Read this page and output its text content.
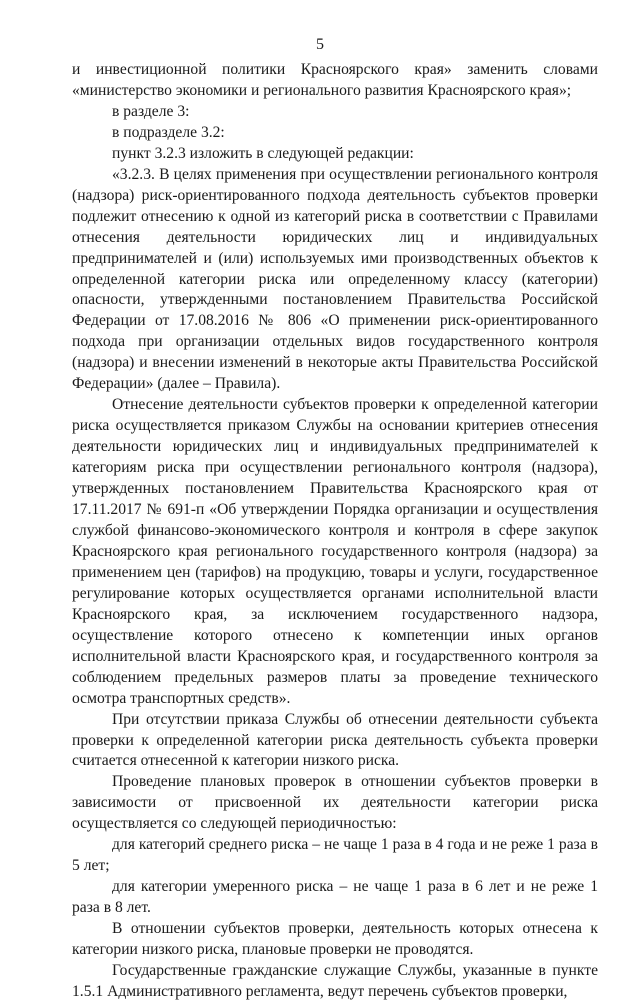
5

и инвестиционной политики Красноярского края» заменить словами «министерство экономики и регионального развития Красноярского края»;

в разделе 3:

в подразделе 3.2:

пункт 3.2.3 изложить в следующей редакции:

«3.2.3. В целях применения при осуществлении регионального контроля (надзора) риск-ориентированного подхода деятельность субъектов проверки подлежит отнесению к одной из категорий риска в соответствии с Правилами отнесения деятельности юридических лиц и индивидуальных предпринимателей и (или) используемых ими производственных объектов к определенной категории риска или определенному классу (категории) опасности, утвержденными постановлением Правительства Российской Федерации от 17.08.2016 № 806 «О применении риск-ориентированного подхода при организации отдельных видов государственного контроля (надзора) и внесении изменений в некоторые акты Правительства Российской Федерации» (далее – Правила).

Отнесение деятельности субъектов проверки к определенной категории риска осуществляется приказом Службы на основании критериев отнесения деятельности юридических лиц и индивидуальных предпринимателей к категориям риска при осуществлении регионального контроля (надзора), утвержденных постановлением Правительства Красноярского края от 17.11.2017 № 691-п «Об утверждении Порядка организации и осуществления службой финансово-экономического контроля и контроля в сфере закупок Красноярского края регионального государственного контроля (надзора) за применением цен (тарифов) на продукцию, товары и услуги, государственное регулирование которых осуществляется органами исполнительной власти Красноярского края, за исключением государственного надзора, осуществление которого отнесено к компетенции иных органов исполнительной власти Красноярского края, и государственного контроля за соблюдением предельных размеров платы за проведение технического осмотра транспортных средств».

При отсутствии приказа Службы об отнесении деятельности субъекта проверки к определенной категории риска деятельность субъекта проверки считается отнесенной к категории низкого риска.

Проведение плановых проверок в отношении субъектов проверки в зависимости от присвоенной их деятельности категории риска осуществляется со следующей периодичностью:

для категорий среднего риска – не чаще 1 раза в 4 года и не реже 1 раза в 5 лет;

для категории умеренного риска – не чаще 1 раза в 6 лет и не реже 1 раза в 8 лет.

В отношении субъектов проверки, деятельность которых отнесена к категории низкого риска, плановые проверки не проводятся.

Государственные гражданские служащие Службы, указанные в пункте 1.5.1 Административного регламента, ведут перечень субъектов проверки,
